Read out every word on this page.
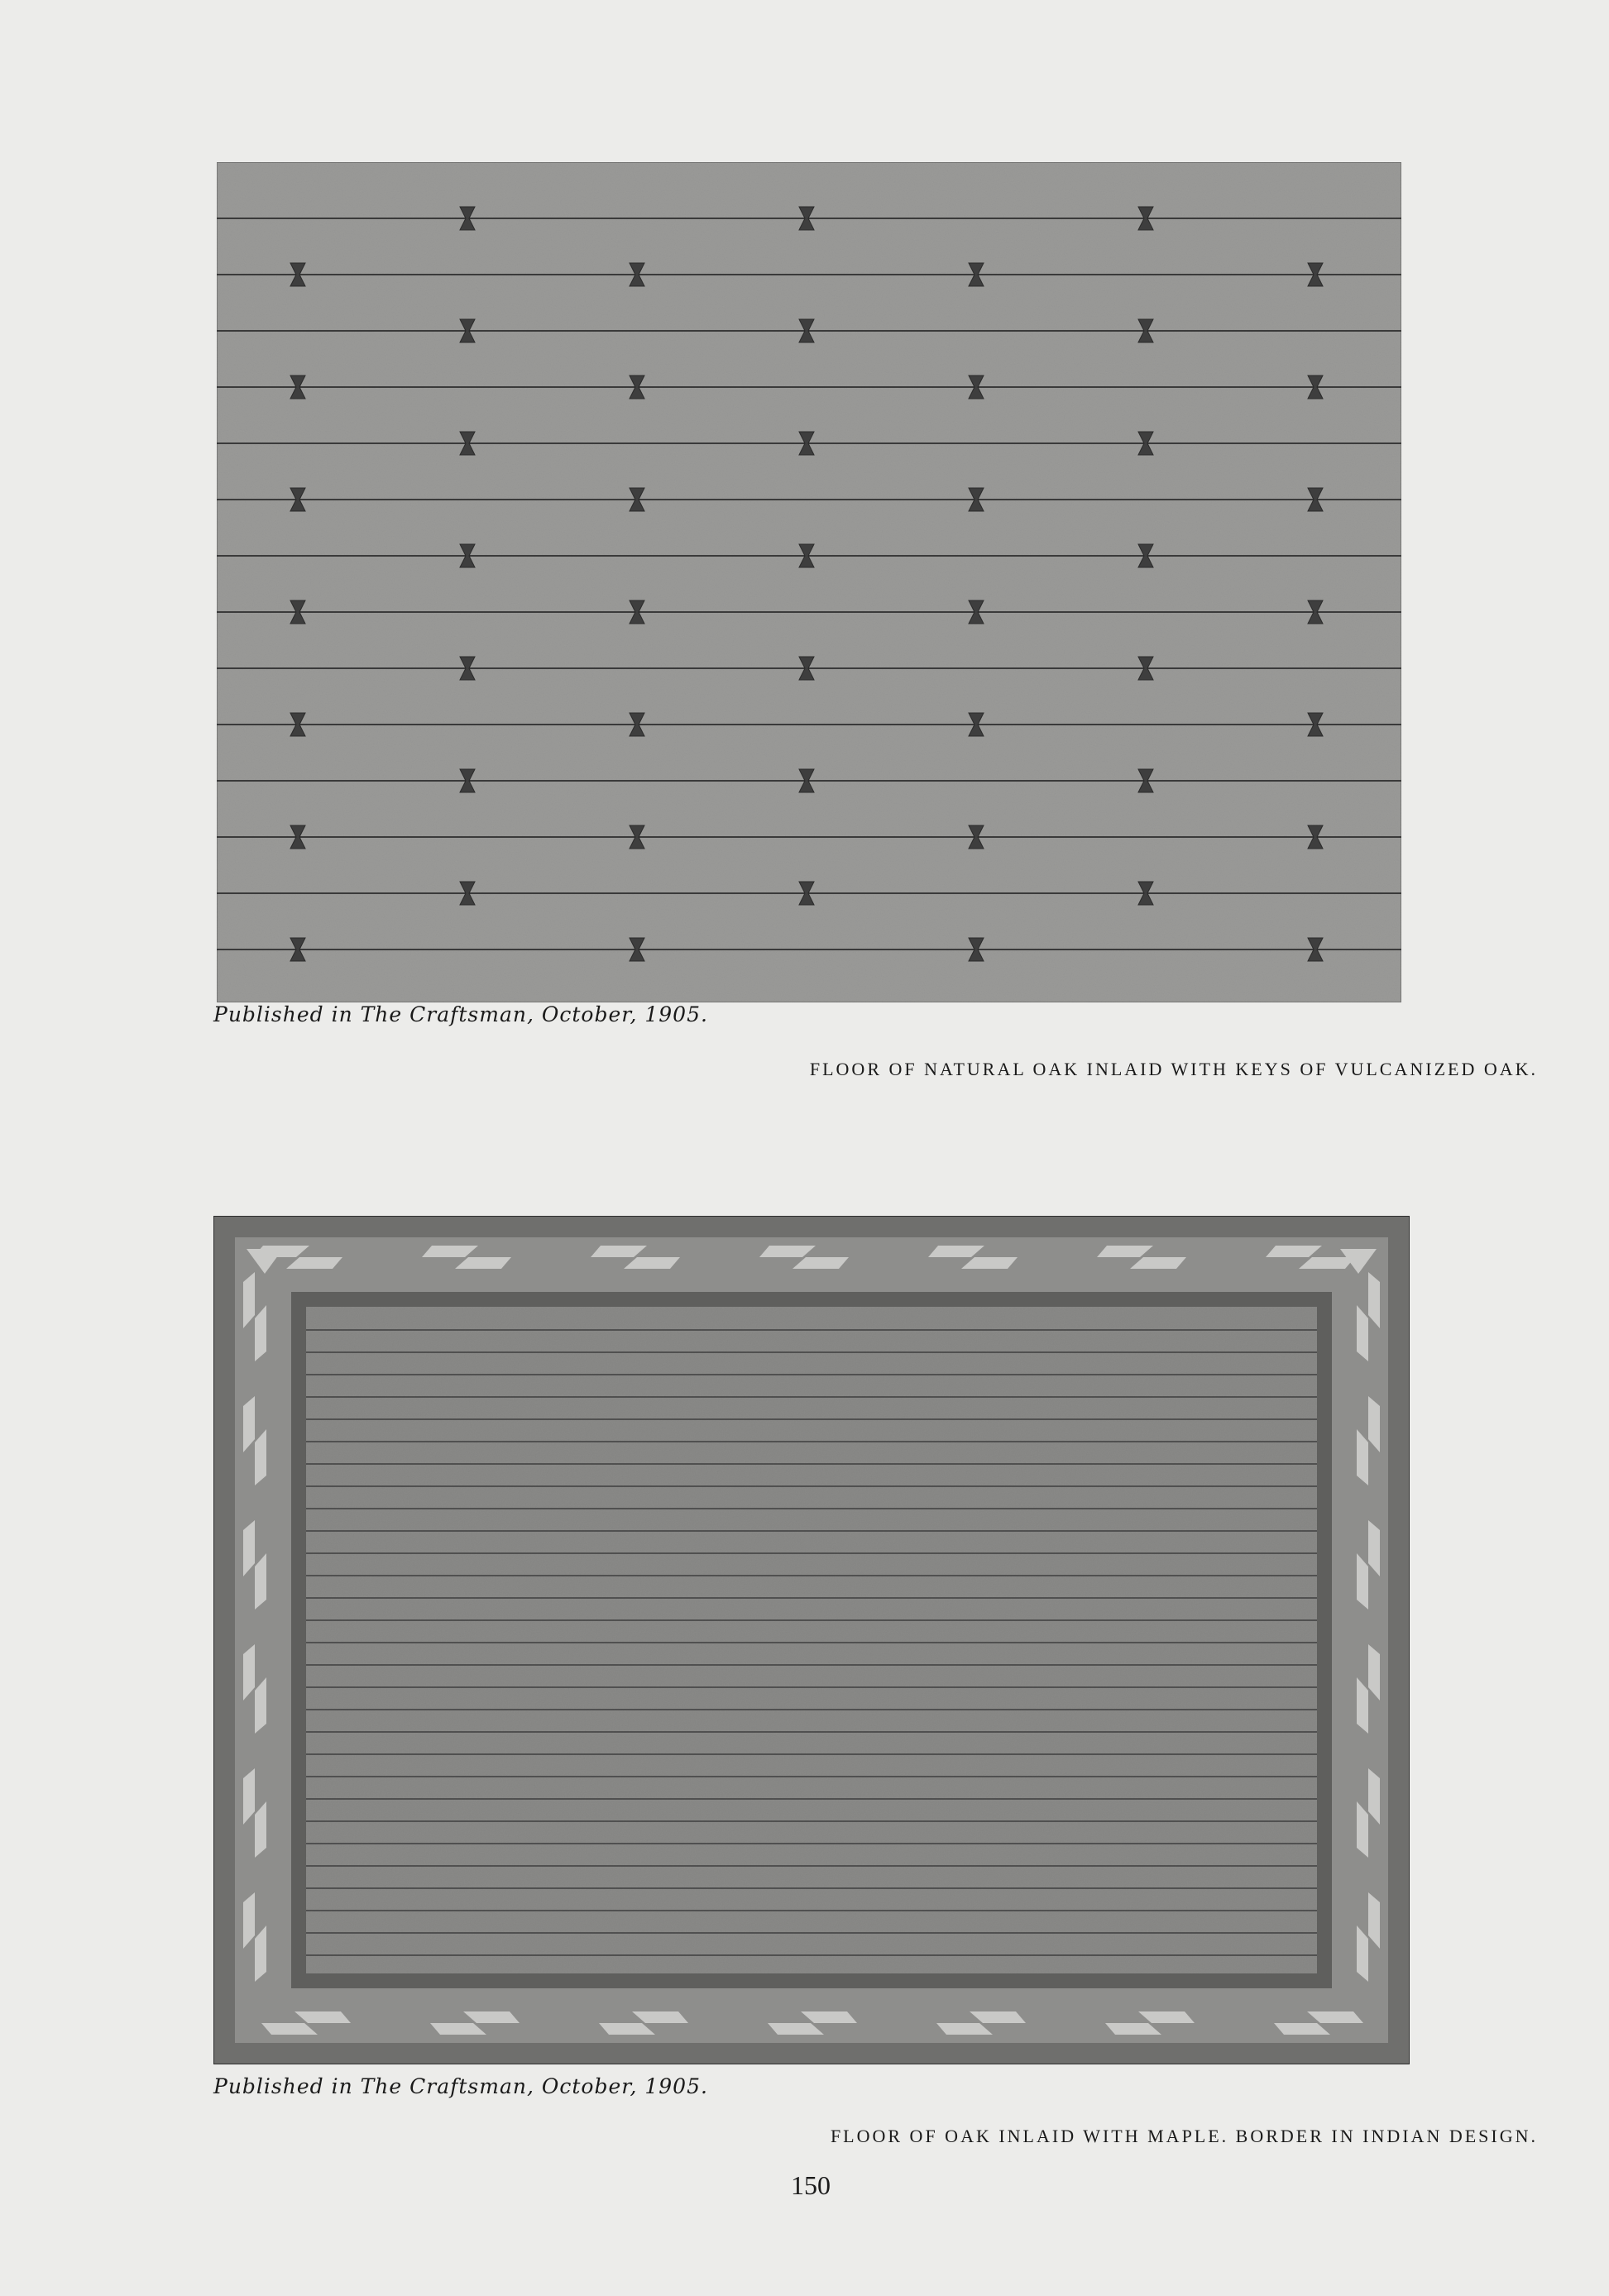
Published in The Craftsman, October, 1905.
FLOOR OF NATURAL OAK INLAID WITH KEYS OF VULCANIZED OAK.
Published in The Craftsman, October, 1905.
FLOOR OF OAK INLAID WITH MAPLE. BORDER IN INDIAN DESIGN.
150
